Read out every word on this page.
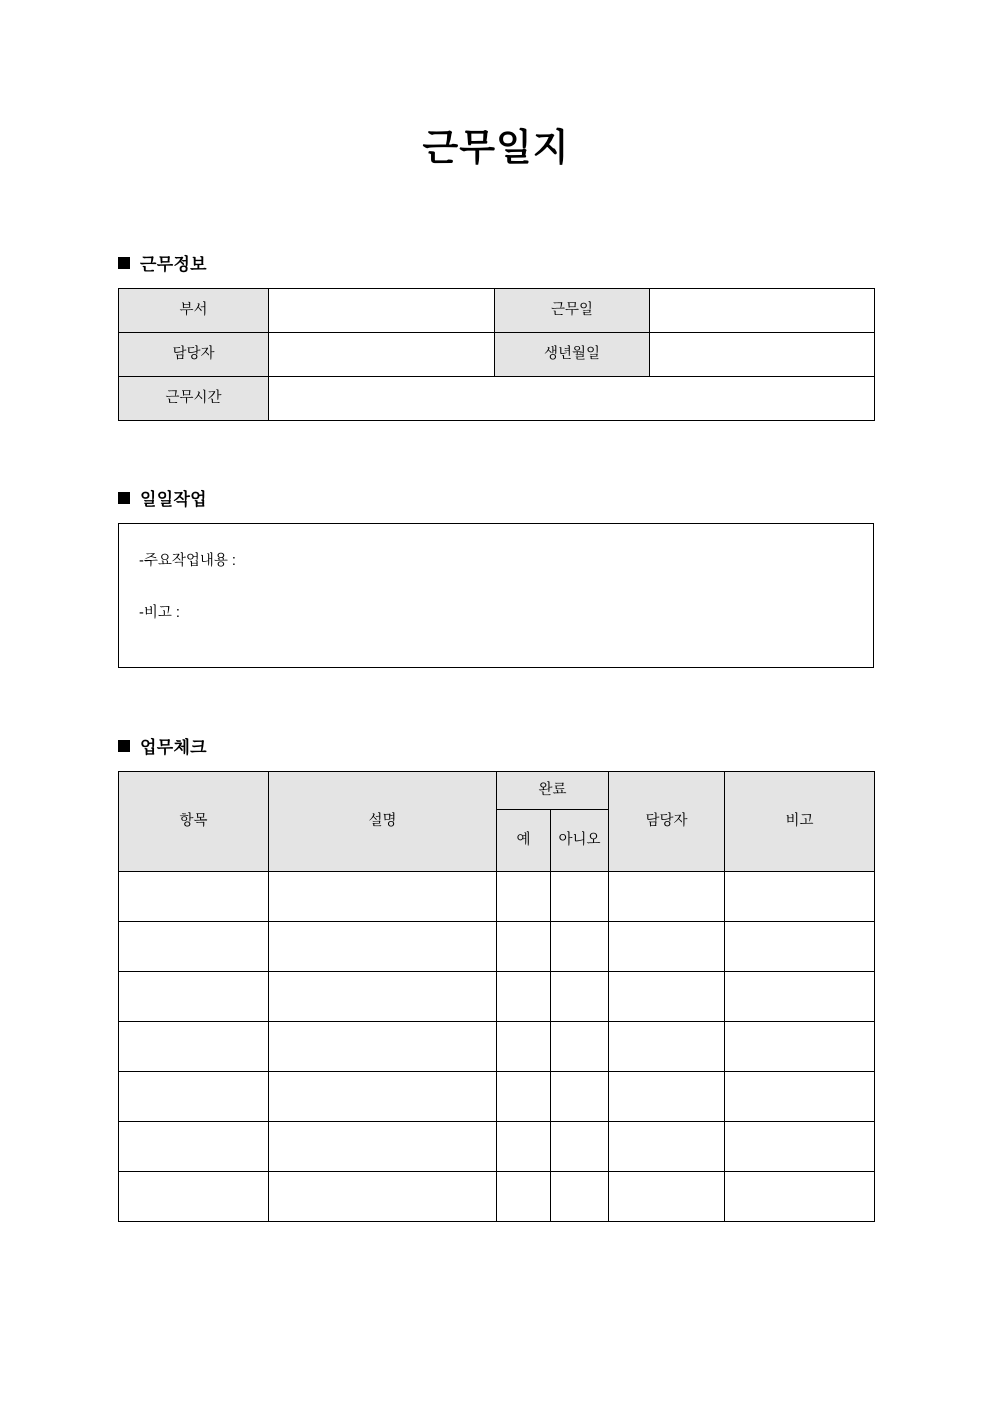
근무일지
근무정보
부서		근무일	
담당자		생년월일	
근무시간			
일일작업
-주요작업내용 :
-비고 :
업무체크
항목	설명	완료		담당자	비고
		예	아니오		
